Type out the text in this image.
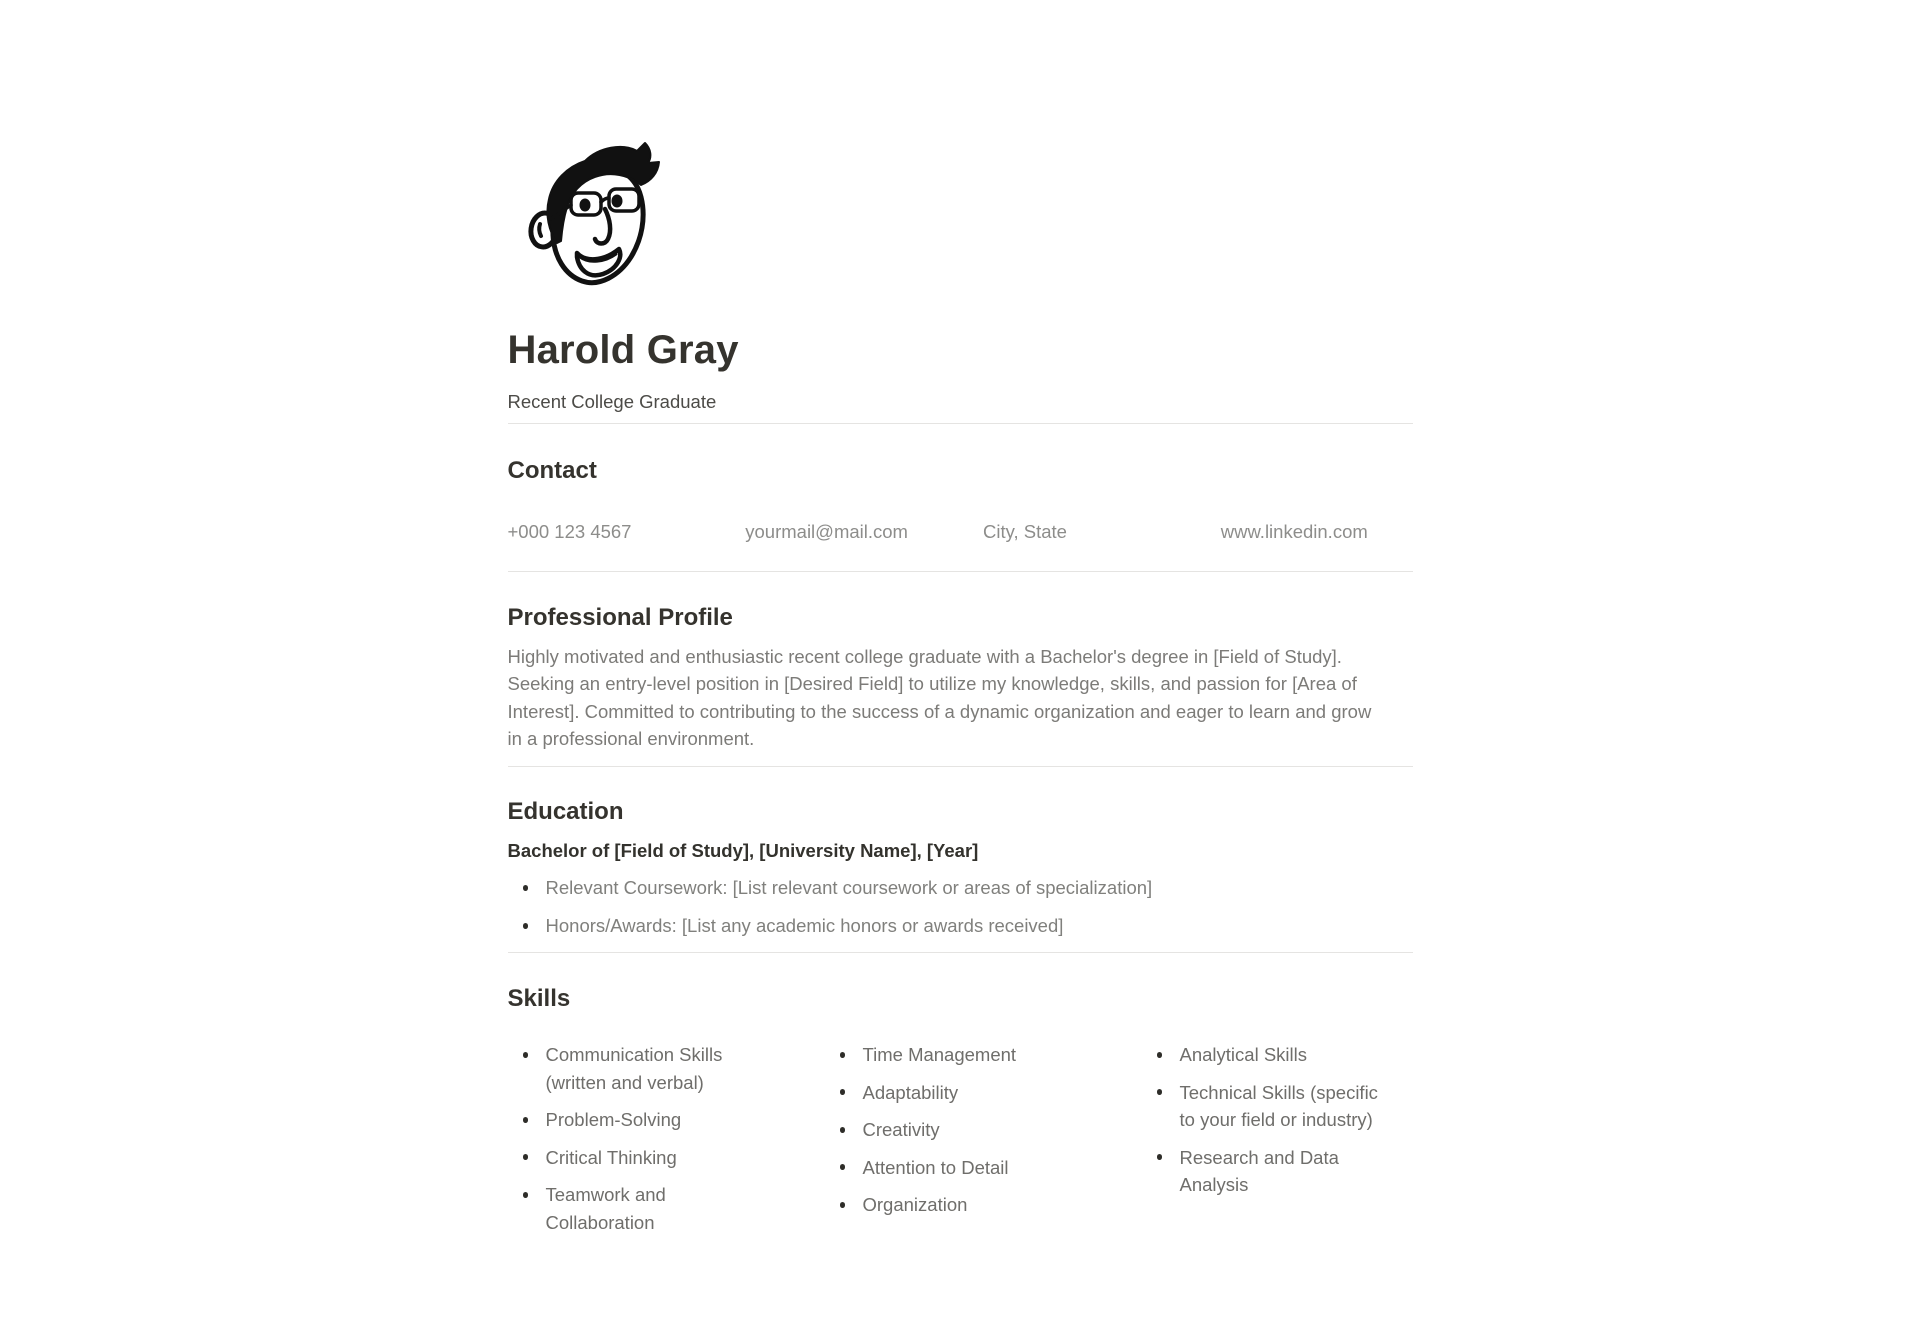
Harold Gray

Recent College Graduate

Contact
+000 123 4567	yourmail@mail.com	City, State	www.linkedin.com
Professional Profile

Highly motivated and enthusiastic recent college graduate with a Bachelor's degree in [Field of Study]. Seeking an entry-level position in [Desired Field] to utilize my knowledge, skills, and passion for [Area of Interest]. Committed to contributing to the success of a dynamic organization and eager to learn and grow in a professional environment.

Education

Bachelor of [Field of Study], [University Name], [Year]

Relevant Coursework: [List relevant coursework or areas of specialization]
Honors/Awards: [List any academic honors or awards received]
Skills
Communication Skills (written and verbal)
Problem-Solving
Critical Thinking
Teamwork and Collaboration
Time Management
Adaptability
Creativity
Attention to Detail
Organization
Analytical Skills
Technical Skills (specific to your field or industry)
Research and Data Analysis
